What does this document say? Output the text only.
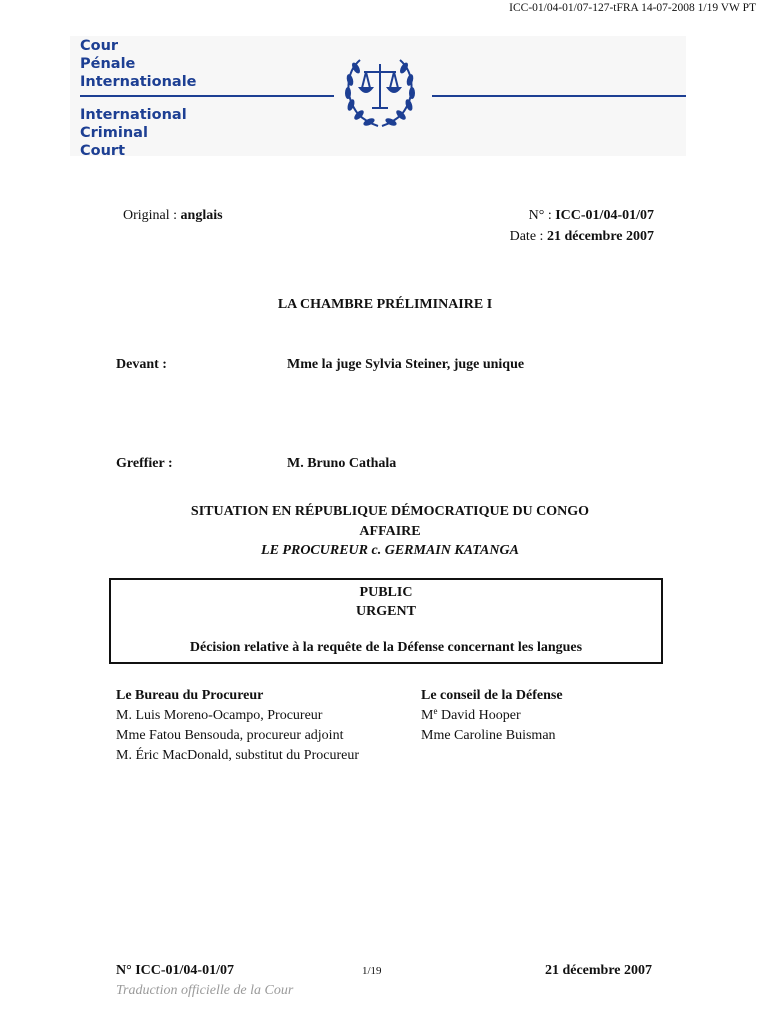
ICC-01/04-01/07-127-tFRA 14-07-2008 1/19 VW PT
Cour
Pénale
Internationale
International
Criminal
Court
Original : anglais	N° : ICC-01/04-01/07
Date : 21 décembre 2007
LA CHAMBRE PRÉLIMINAIRE I
Devant :	Mme la juge Sylvia Steiner, juge unique
Greffier :	M. Bruno Cathala
SITUATION EN RÉPUBLIQUE DÉMOCRATIQUE DU CONGO
AFFAIRE
LE PROCUREUR c. GERMAIN KATANGA
PUBLIC
URGENT
Décision relative à la requête de la Défense concernant les langues
Le Bureau du Procureur
M. Luis Moreno-Ocampo, Procureur
Mme Fatou Bensouda, procureur adjoint
M. Éric MacDonald, substitut du Procureur
Le conseil de la Défense
Me David Hooper
Mme Caroline Buisman
N° ICC-01/04-01/07	1/19	21 décembre 2007
Traduction officielle de la Cour
